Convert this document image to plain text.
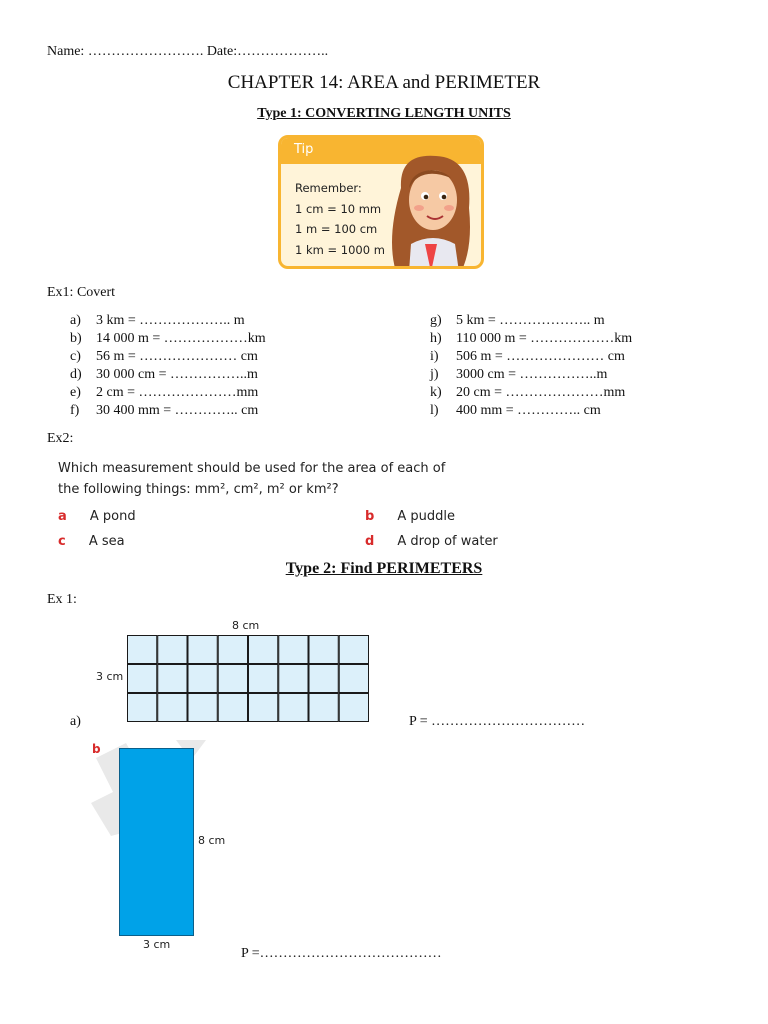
Name: ……………………. Date:………………..
CHAPTER 14: AREA and PERIMETER
Type 1: CONVERTING LENGTH UNITS
Tip
Remember:
1 cm = 10 mm
1 m = 100 cm
1 km = 1000 m
Ex1: Covert
a) 3 km = ……………….. m
b) 14 000 m = ………………km
c) 56 m = ………………… cm
d) 30 000 cm = ……………..m
e) 2 cm = …………………mm
f) 30 400 mm = ………….. cm
g) 5 km = ……………….. m
h) 110 000 m = ………………km
i) 506 m = ………………… cm
j) 3000 cm = ……………..m
k) 20 cm = …………………mm
l) 400 mm = ………….. cm
Ex2:
Which measurement should be used for the area of each of
the following things: mm², cm², m² or km²?
a A pond	b A puddle
c A sea	d A drop of water
Type 2: Find PERIMETERS
Ex 1:
8 cm
3 cm
a)	P = ……………………………
b
8 cm
3 cm
P =…………………………………
